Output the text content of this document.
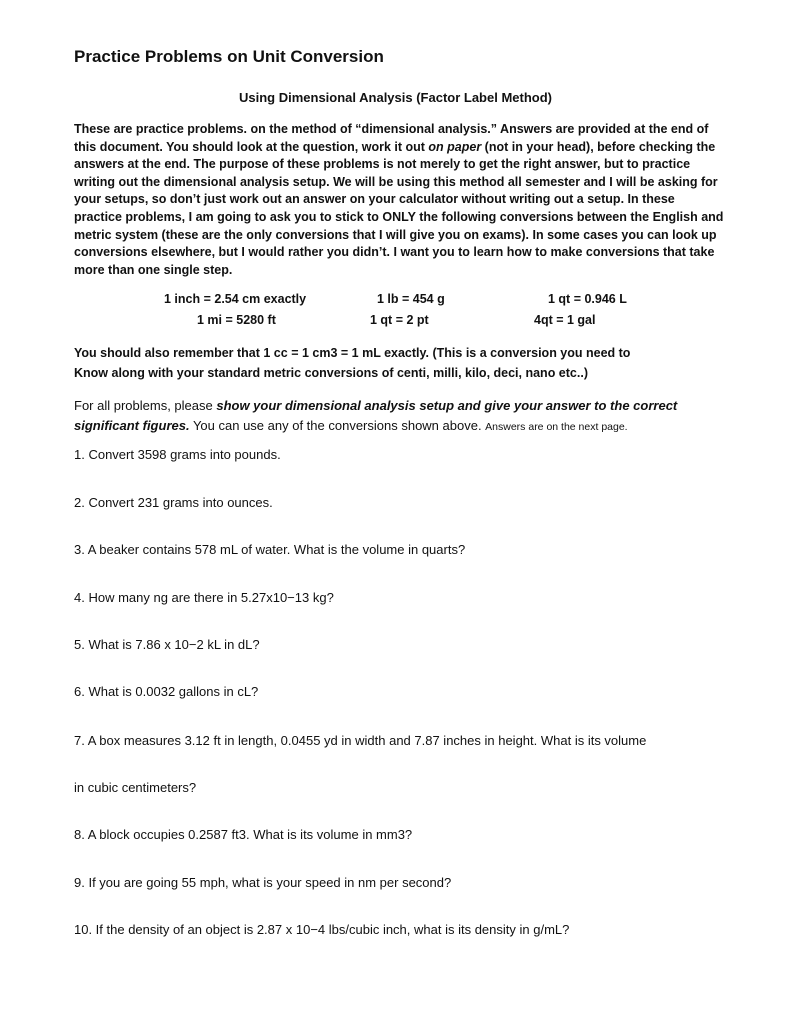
Practice Problems on Unit Conversion
Using Dimensional Analysis (Factor Label Method)

These are practice problems. on the method of “dimensional analysis.” Answers are provided at the end of this document. You should look at the question, work it out on paper (not in your head), before checking the answers at the end. The purpose of these problems is not merely to get the right answer, but to practice writing out the dimensional analysis setup. We will be using this method all semester and I will be asking for your setups, so don’t just work out an answer on your calculator without writing out a setup. In these practice problems, I am going to ask you to stick to ONLY the following conversions between the English and metric system (these are the only conversions that I will give you on exams). In some cases you can look up conversions elsewhere, but I would rather you didn’t. I want you to learn how to make conversions that take more than one single step.

1 inch = 2.54 cm exactly	1 lb = 454 g	1 qt = 0.946 L
1 mi = 5280 ft	1 qt = 2 pt	4qt = 1 gal

You should also remember that 1 cc = 1 cm3 = 1 mL exactly. (This is a conversion you need to
Know along with your standard metric conversions of centi, milli, kilo, deci, nano etc..)

For all problems, please show your dimensional analysis setup and give your answer to the correct significant figures. You can use any of the conversions shown above. Answers are on the next page.

1. Convert 3598 grams into pounds.

2. Convert 231 grams into ounces.

3. A beaker contains 578 mL of water. What is the volume in quarts?

4. How many ng are there in 5.27x10−13 kg?

5. What is 7.86 x 10−2 kL in dL?

6. What is 0.0032 gallons in cL?

7. A box measures 3.12 ft in length, 0.0455 yd in width and 7.87 inches in height. What is its volume

in cubic centimeters?

8. A block occupies 0.2587 ft3. What is its volume in mm3?

9. If you are going 55 mph, what is your speed in nm per second?

10. If the density of an object is 2.87 x 10−4 lbs/cubic inch, what is its density in g/mL?
